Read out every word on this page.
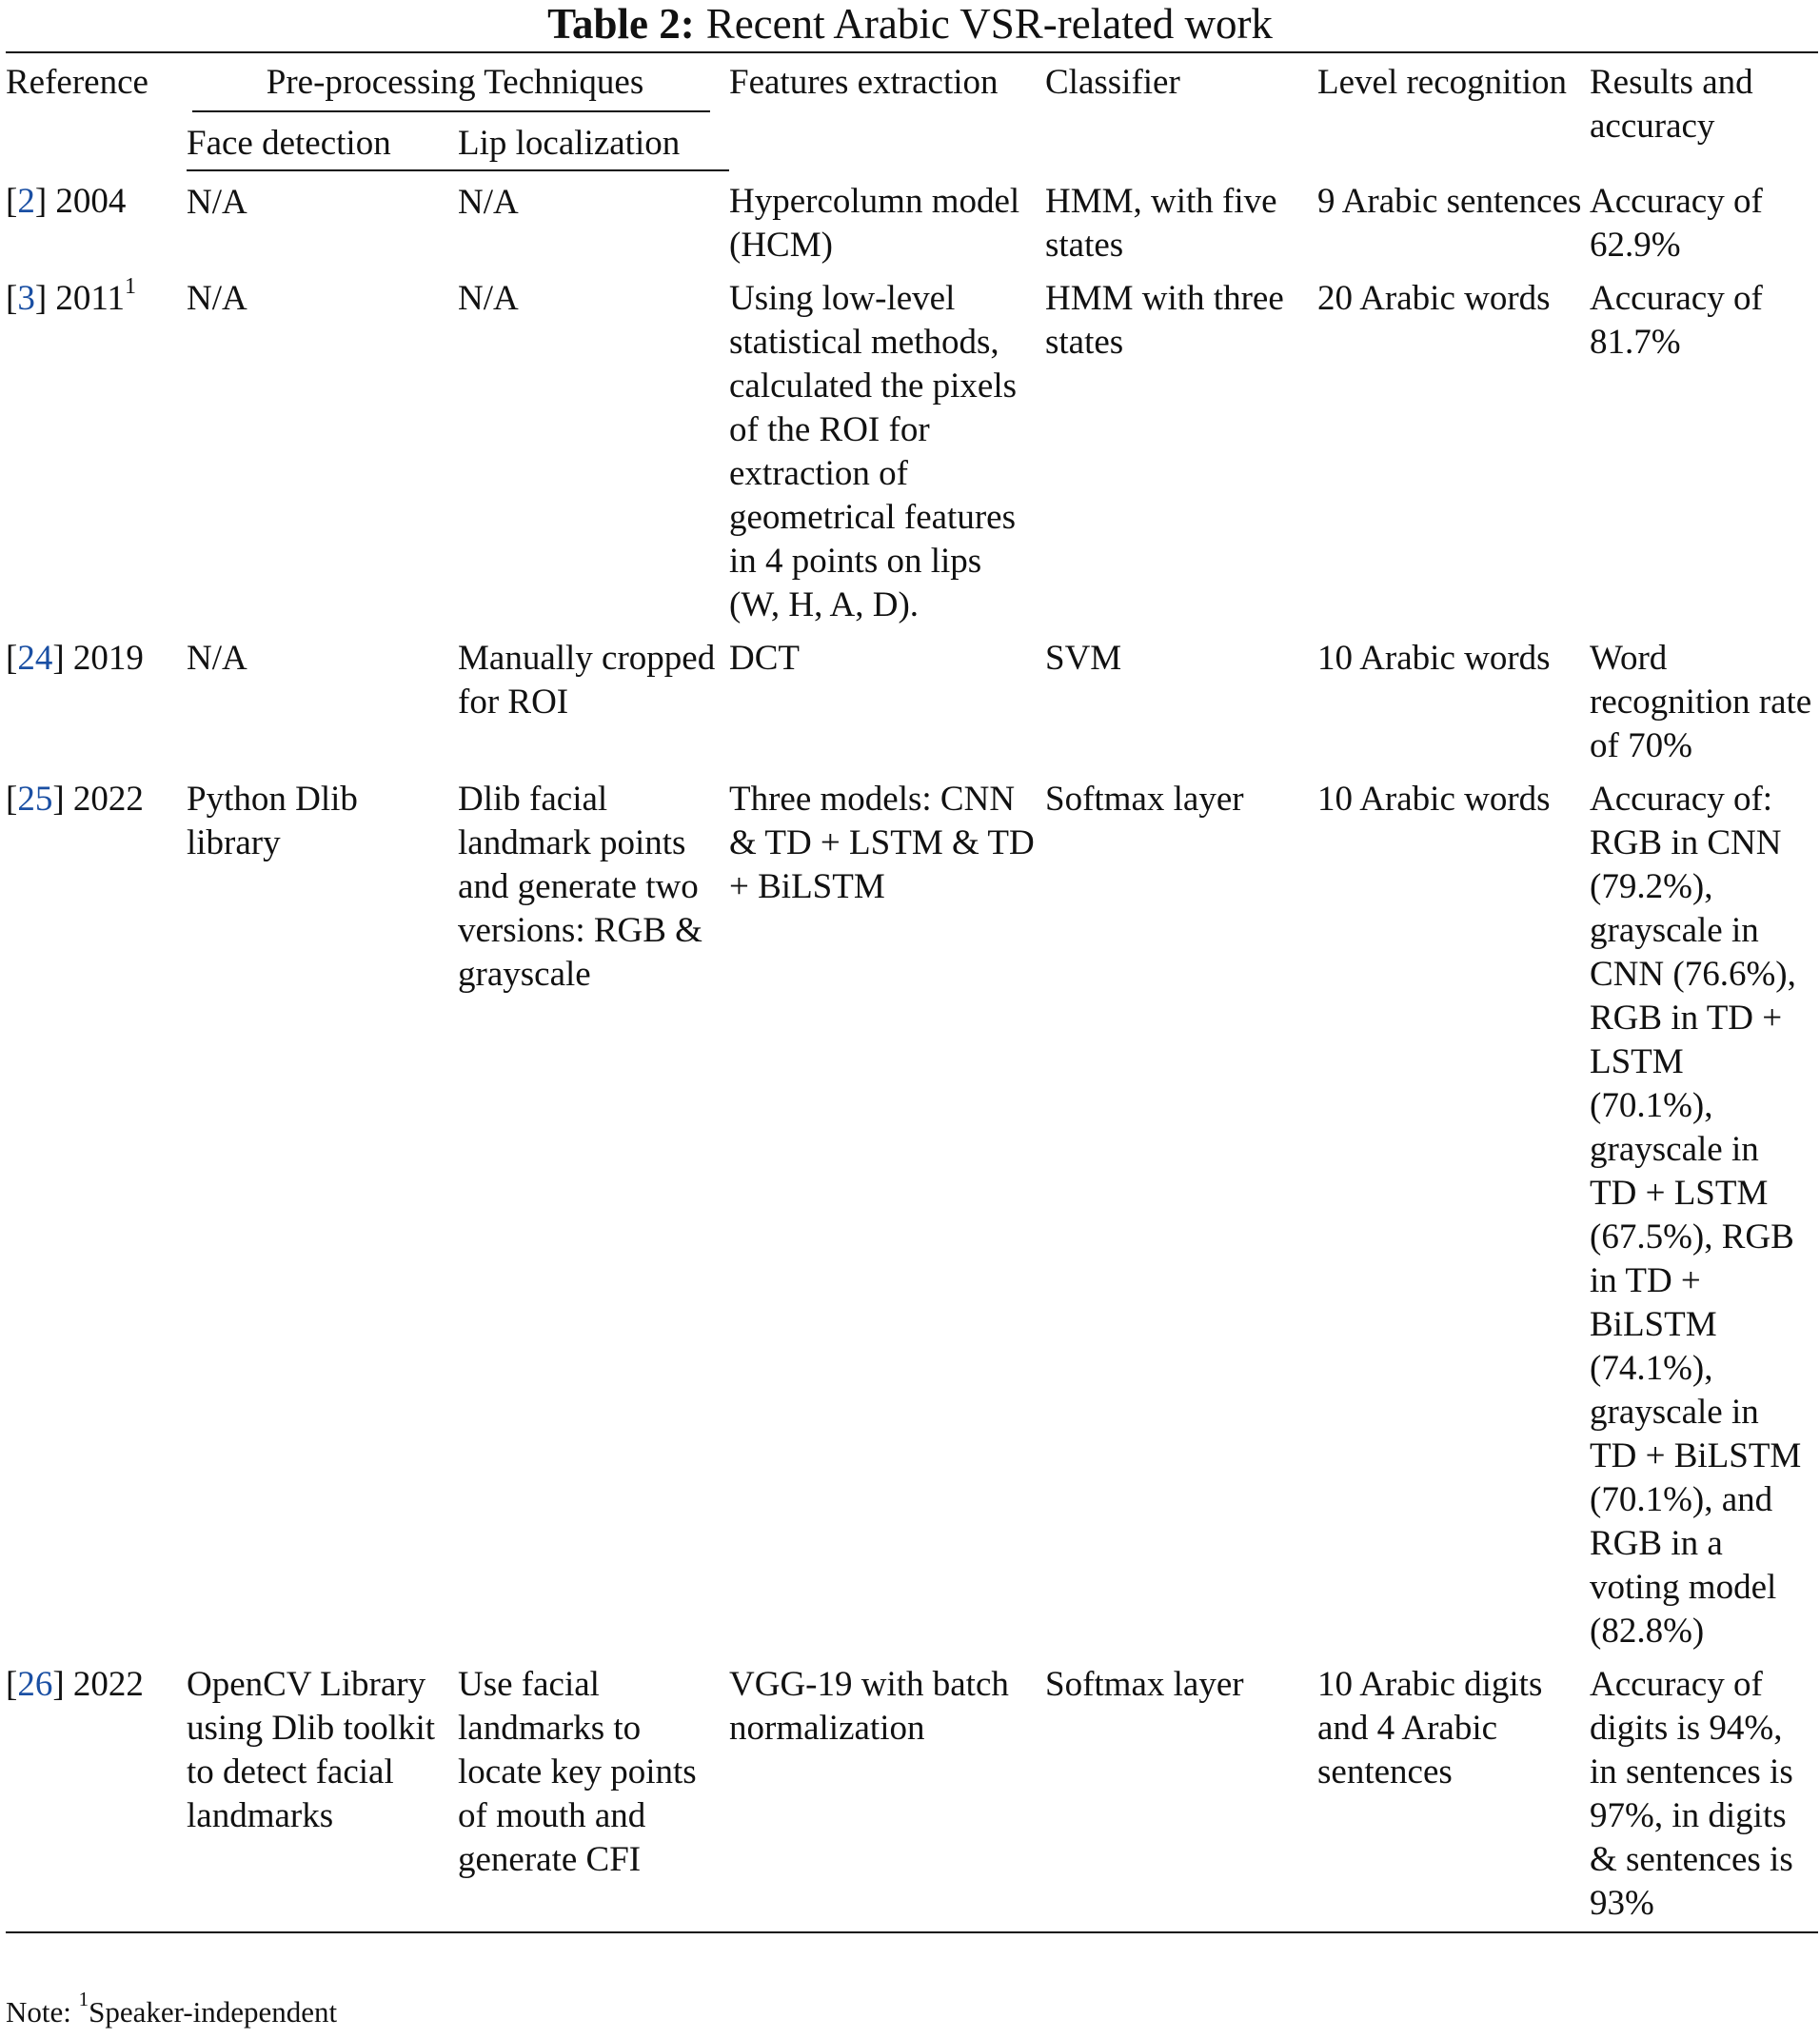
Table 2: Recent Arabic VSR-related work
Reference	Pre-processing Techniques		Features extraction	Classifier	Level recognition	Results and accuracy
	Face detection	Lip localization				
[2] 2004	N/A	N/A	Hypercolumn model (HCM)	HMM, with five states	9 Arabic sentences	Accuracy of 62.9%
[3] 2011$^1$	N/A	N/A	Using low-level statistical methods, calculated the pixels of the ROI for extraction of geometrical features in 4 points on lips (W, H, A, D).	HMM with three states	20 Arabic words	Accuracy of 81.7%
[24] 2019	N/A	Manually cropped for ROI	DCT	SVM	10 Arabic words	Word recognition rate of 70%
[25] 2022	Python Dlib library	Dlib facial landmark points and generate two versions: RGB & grayscale	Three models: CNN & TD + LSTM & TD + BiLSTM	Softmax layer	10 Arabic words	Accuracy of: RGB in CNN (79.2%), grayscale in CNN (76.6%), RGB in TD + LSTM (70.1%), grayscale in TD + LSTM (67.5%), RGB in TD + BiLSTM (74.1%), grayscale in TD + BiLSTM (70.1%), and RGB in a voting model (82.8%)
[26] 2022	OpenCV Library using Dlib toolkit to detect facial landmarks	Use facial landmarks to locate key points of mouth and generate CFI	VGG-19 with batch normalization	Softmax layer	10 Arabic digits and 4 Arabic sentences	Accuracy of digits is 94%, in sentences is 97%, in digits & sentences is 93%
Note: $^1$Speaker-independent
